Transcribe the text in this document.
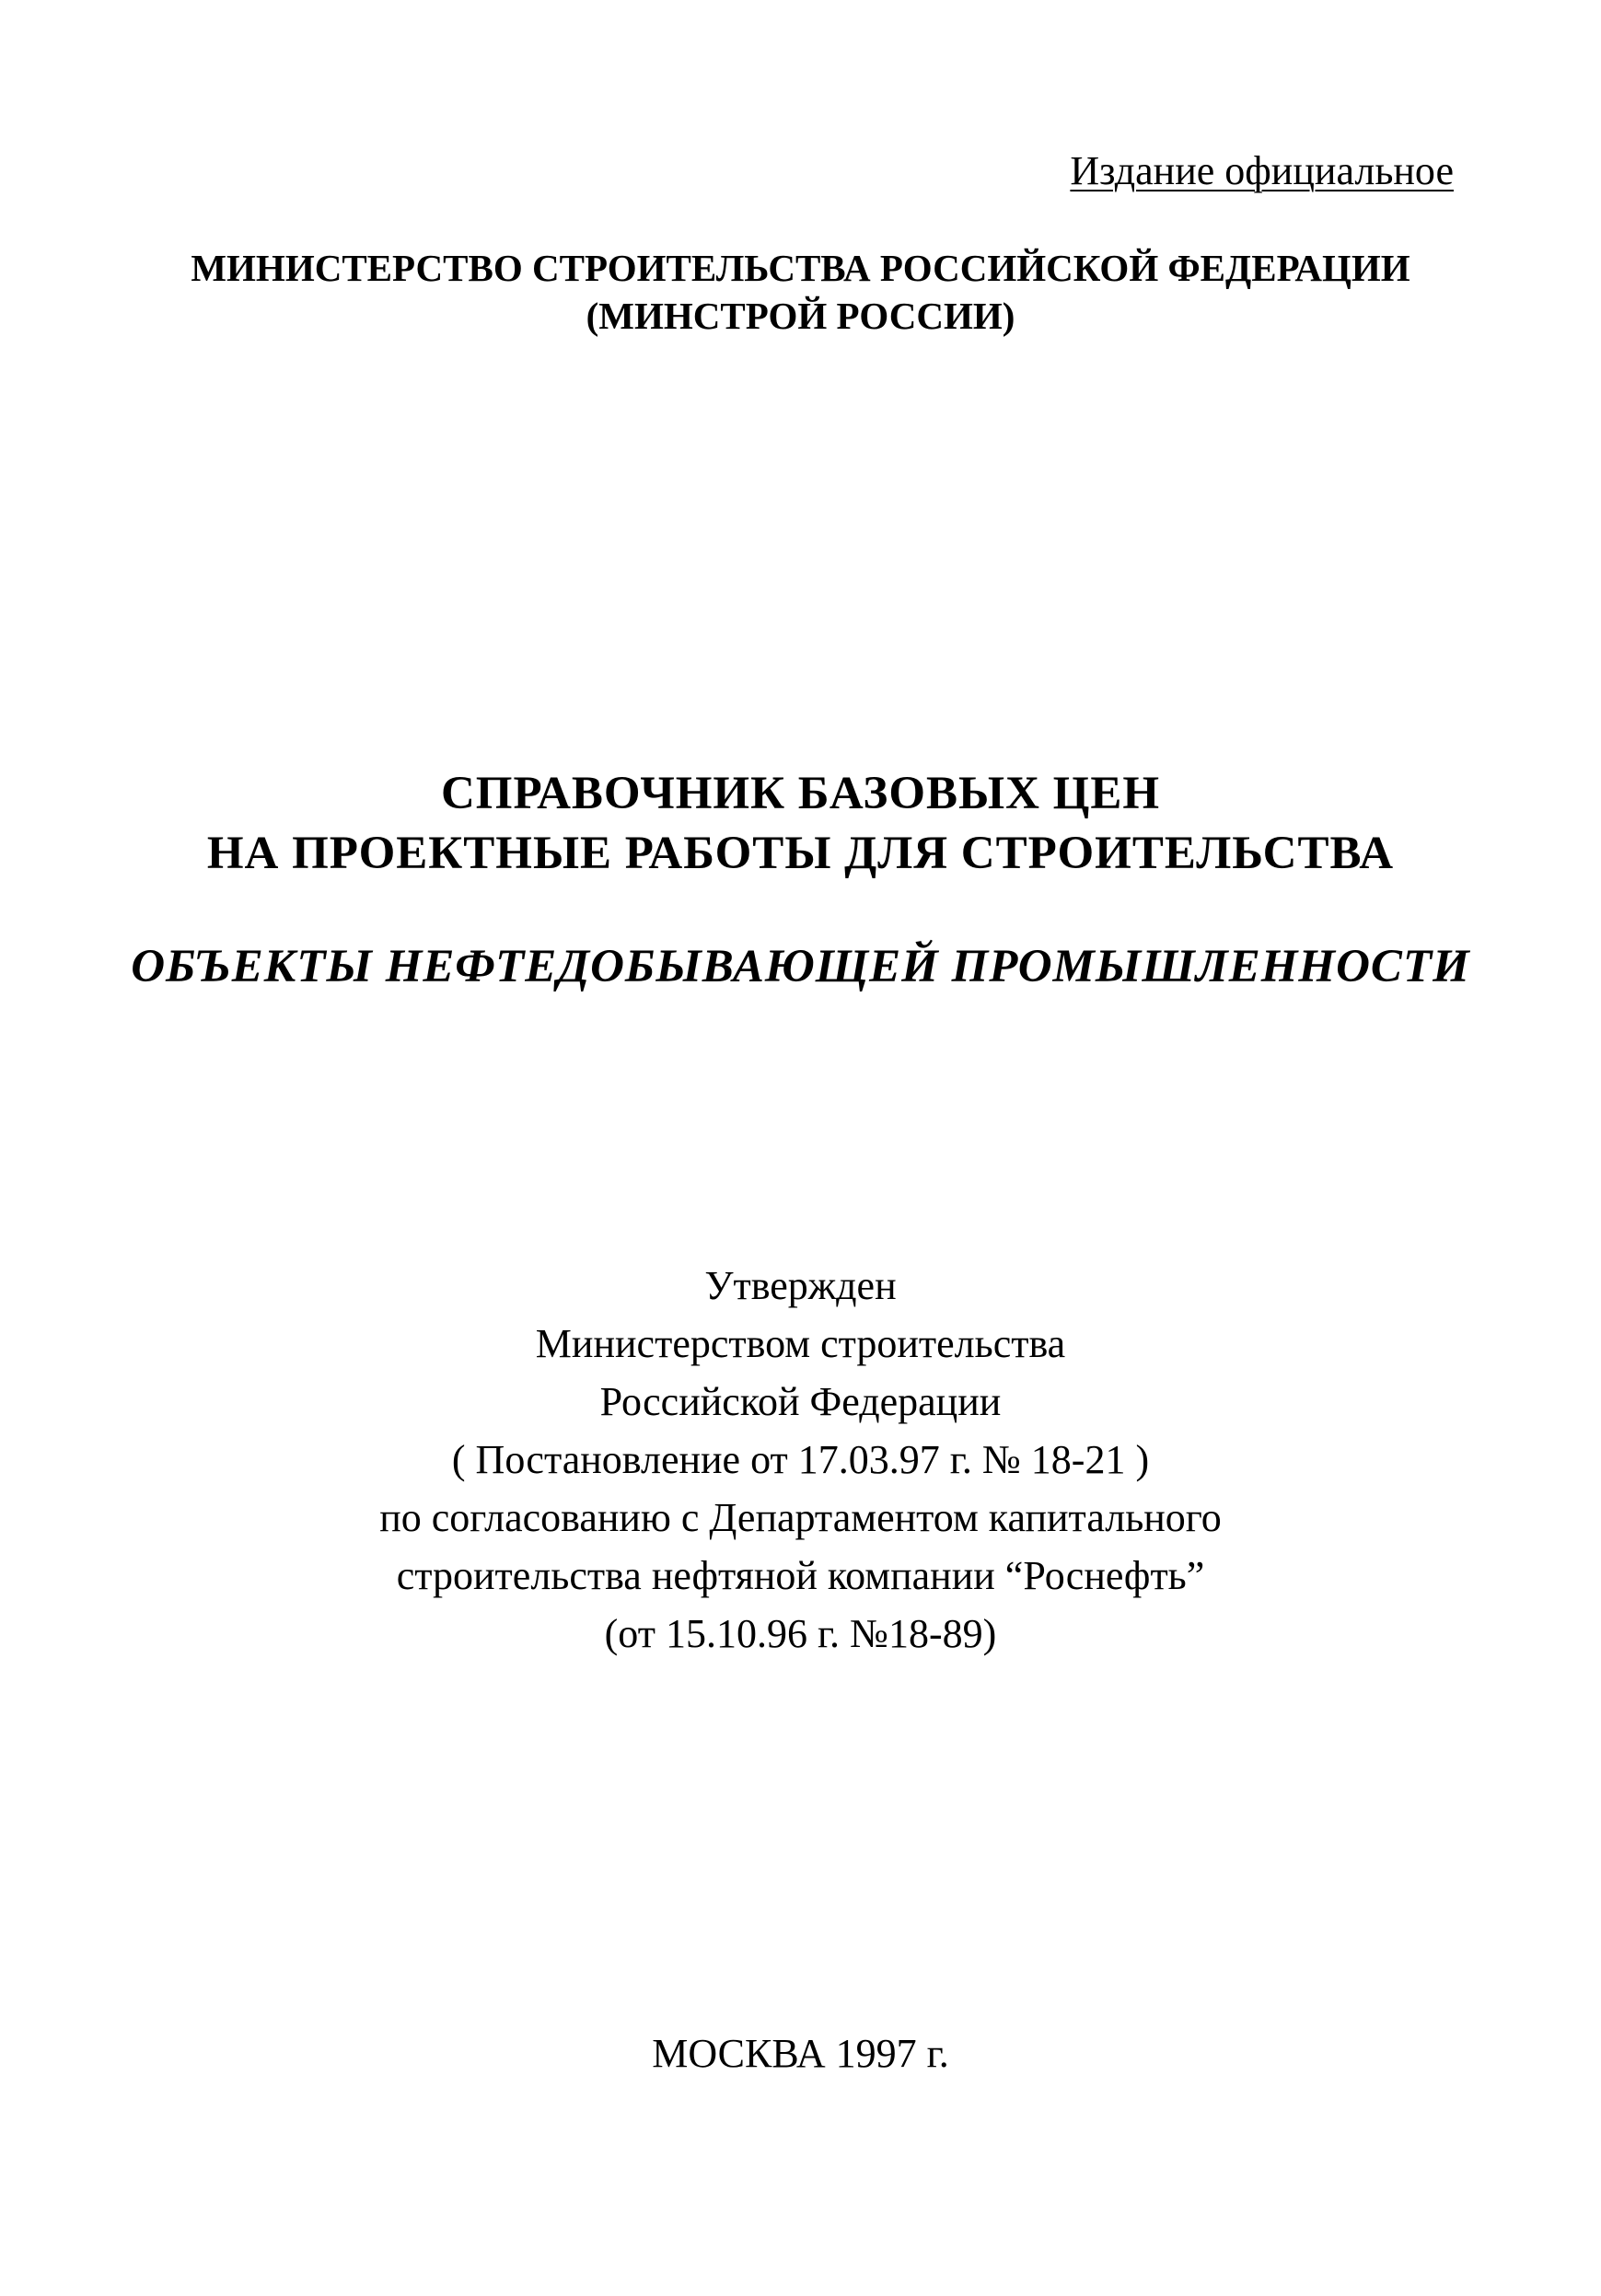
Издание официальное
МИНИСТЕРСТВО СТРОИТЕЛЬСТВА РОССИЙСКОЙ ФЕДЕРАЦИИ
(МИНСТРОЙ РОССИИ)
СПРАВОЧНИК БАЗОВЫХ ЦЕН
НА ПРОЕКТНЫЕ РАБОТЫ ДЛЯ СТРОИТЕЛЬСТВА
ОБЪЕКТЫ НЕФТЕДОБЫВАЮЩЕЙ ПРОМЫШЛЕННОСТИ
Утвержден
Министерством строительства
Российской Федерации
( Постановление от 17.03.97 г. № 18-21 )
по согласованию с Департаментом капитального
строительства нефтяной компании “Роснефть”
(от 15.10.96 г. №18-89)
МОСКВА 1997 г.
